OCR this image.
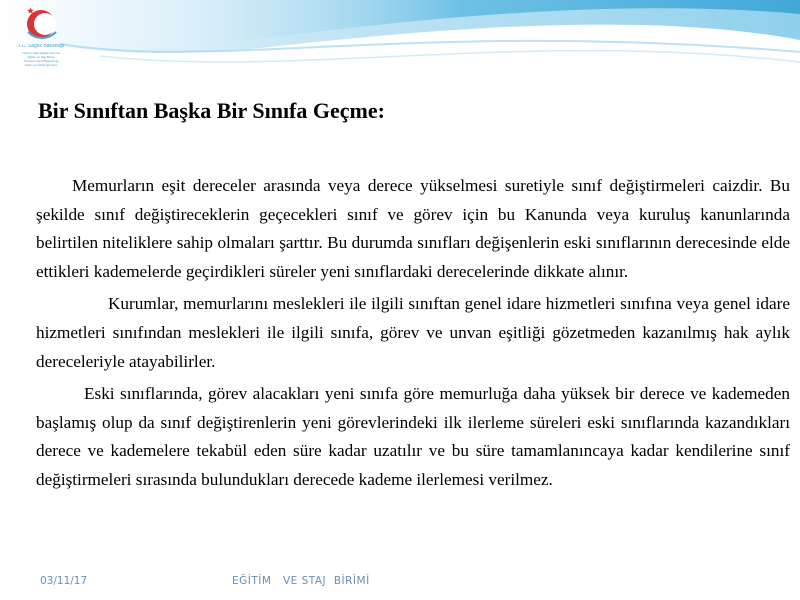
T.C. Sağlık Bakanlığı
Türkiye Halk Sağlığı Kurumu
Eğitim ve Staj Birimi
Personel Daire Başkanlığı
Kadro ve Özlük İşlemleri
Bir Sınıftan Başka Bir Sınıfa Geçme:

Memurların eşit dereceler arasında veya derece yükselmesi suretiyle sınıf değiştirmeleri caizdir. Bu şekilde sınıf değiştireceklerin geçecekleri sınıf ve görev için bu Kanunda veya kuruluş kanunlarında belirtilen niteliklere sahip olmaları şarttır. Bu durumda sınıfları değişenlerin eski sınıflarının derecesinde elde ettikleri kademelerde geçirdikleri süreler yeni sınıflardaki derecelerinde dikkate alınır.

Kurumlar, memurlarını meslekleri ile ilgili sınıftan genel idare hizmetleri sınıfına veya genel idare hizmetleri sınıfından meslekleri ile ilgili sınıfa, görev ve unvan eşitliği gözetmeden kazanılmış hak aylık dereceleriyle atayabilirler.

Eski sınıflarında, görev alacakları yeni sınıfa göre memurluğa daha yüksek bir derece ve kademeden başlamış olup da sınıf değiştirenlerin yeni görevlerindeki ilk ilerleme süreleri eski sınıflarında kazandıkları derece ve kademelere tekabül eden süre kadar uzatılır ve bu süre tamamlanıncaya kadar kendilerine sınıf değiştirmeleri sırasında bulundukları derecede kademe ilerlemesi verilmez.

03/11/17	EĞİTİM   VE STAJ  BİRİMİ
